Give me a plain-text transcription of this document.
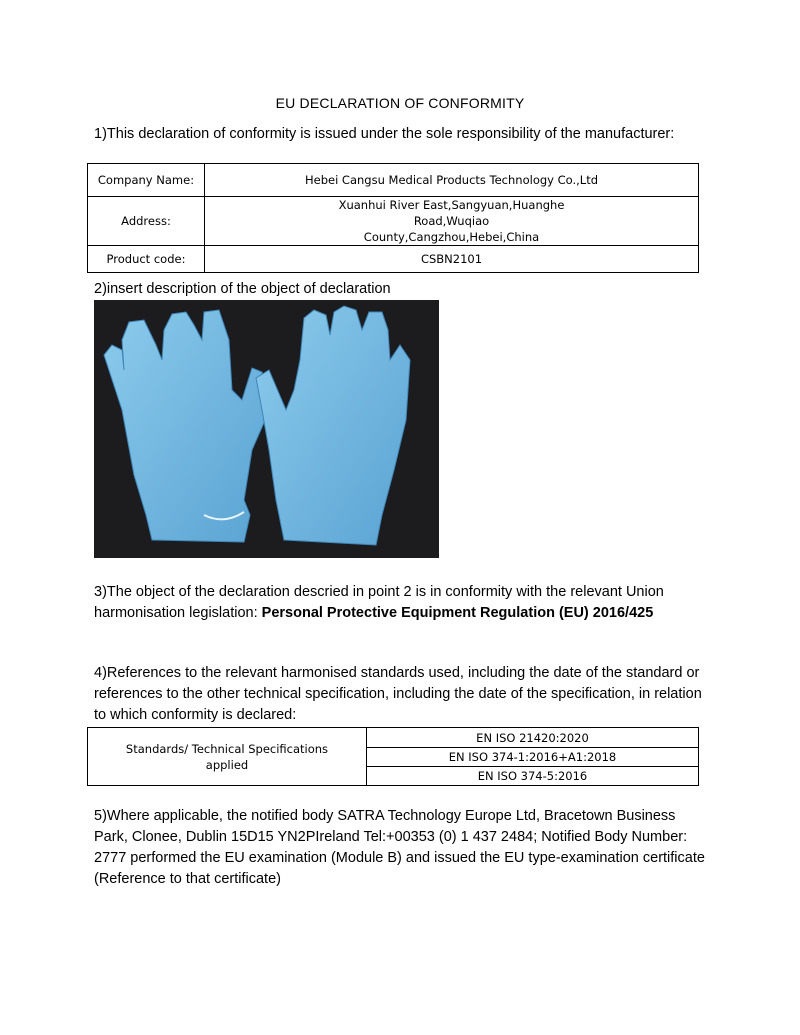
EU DECLARATION OF CONFORMITY
1)This declaration of conformity is issued under the sole responsibility of the manufacturer:
Company Name:	Hebei Cangsu Medical Products Technology Co.,Ltd
Address:	Xuanhui River East,Sangyuan,Huanghe Road,Wuqiao County,Cangzhou,Hebei,China
Product code:	CSBN2101
2)insert description of the object of declaration
3)The object of the declaration descried in point 2 is in conformity with the relevant Union harmonisation legislation: Personal Protective Equipment Regulation (EU) 2016/425
4)References to the relevant harmonised standards used, including the date of the standard or references to the other technical specification, including the date of the specification, in relation to which conformity is declared:
Standards/ Technical Specifications applied	EN ISO 21420:2020
EN ISO 374-1:2016+A1:2018
EN ISO 374-5:2016
5)Where applicable, the notified body SATRA Technology Europe Ltd, Bracetown Business Park, Clonee, Dublin 15D15 YN2PIreland Tel:+00353 (0) 1 437 2484; Notified Body Number: 2777 performed the EU examination (Module B) and issued the EU type-examination certificate (Reference to that certificate)
